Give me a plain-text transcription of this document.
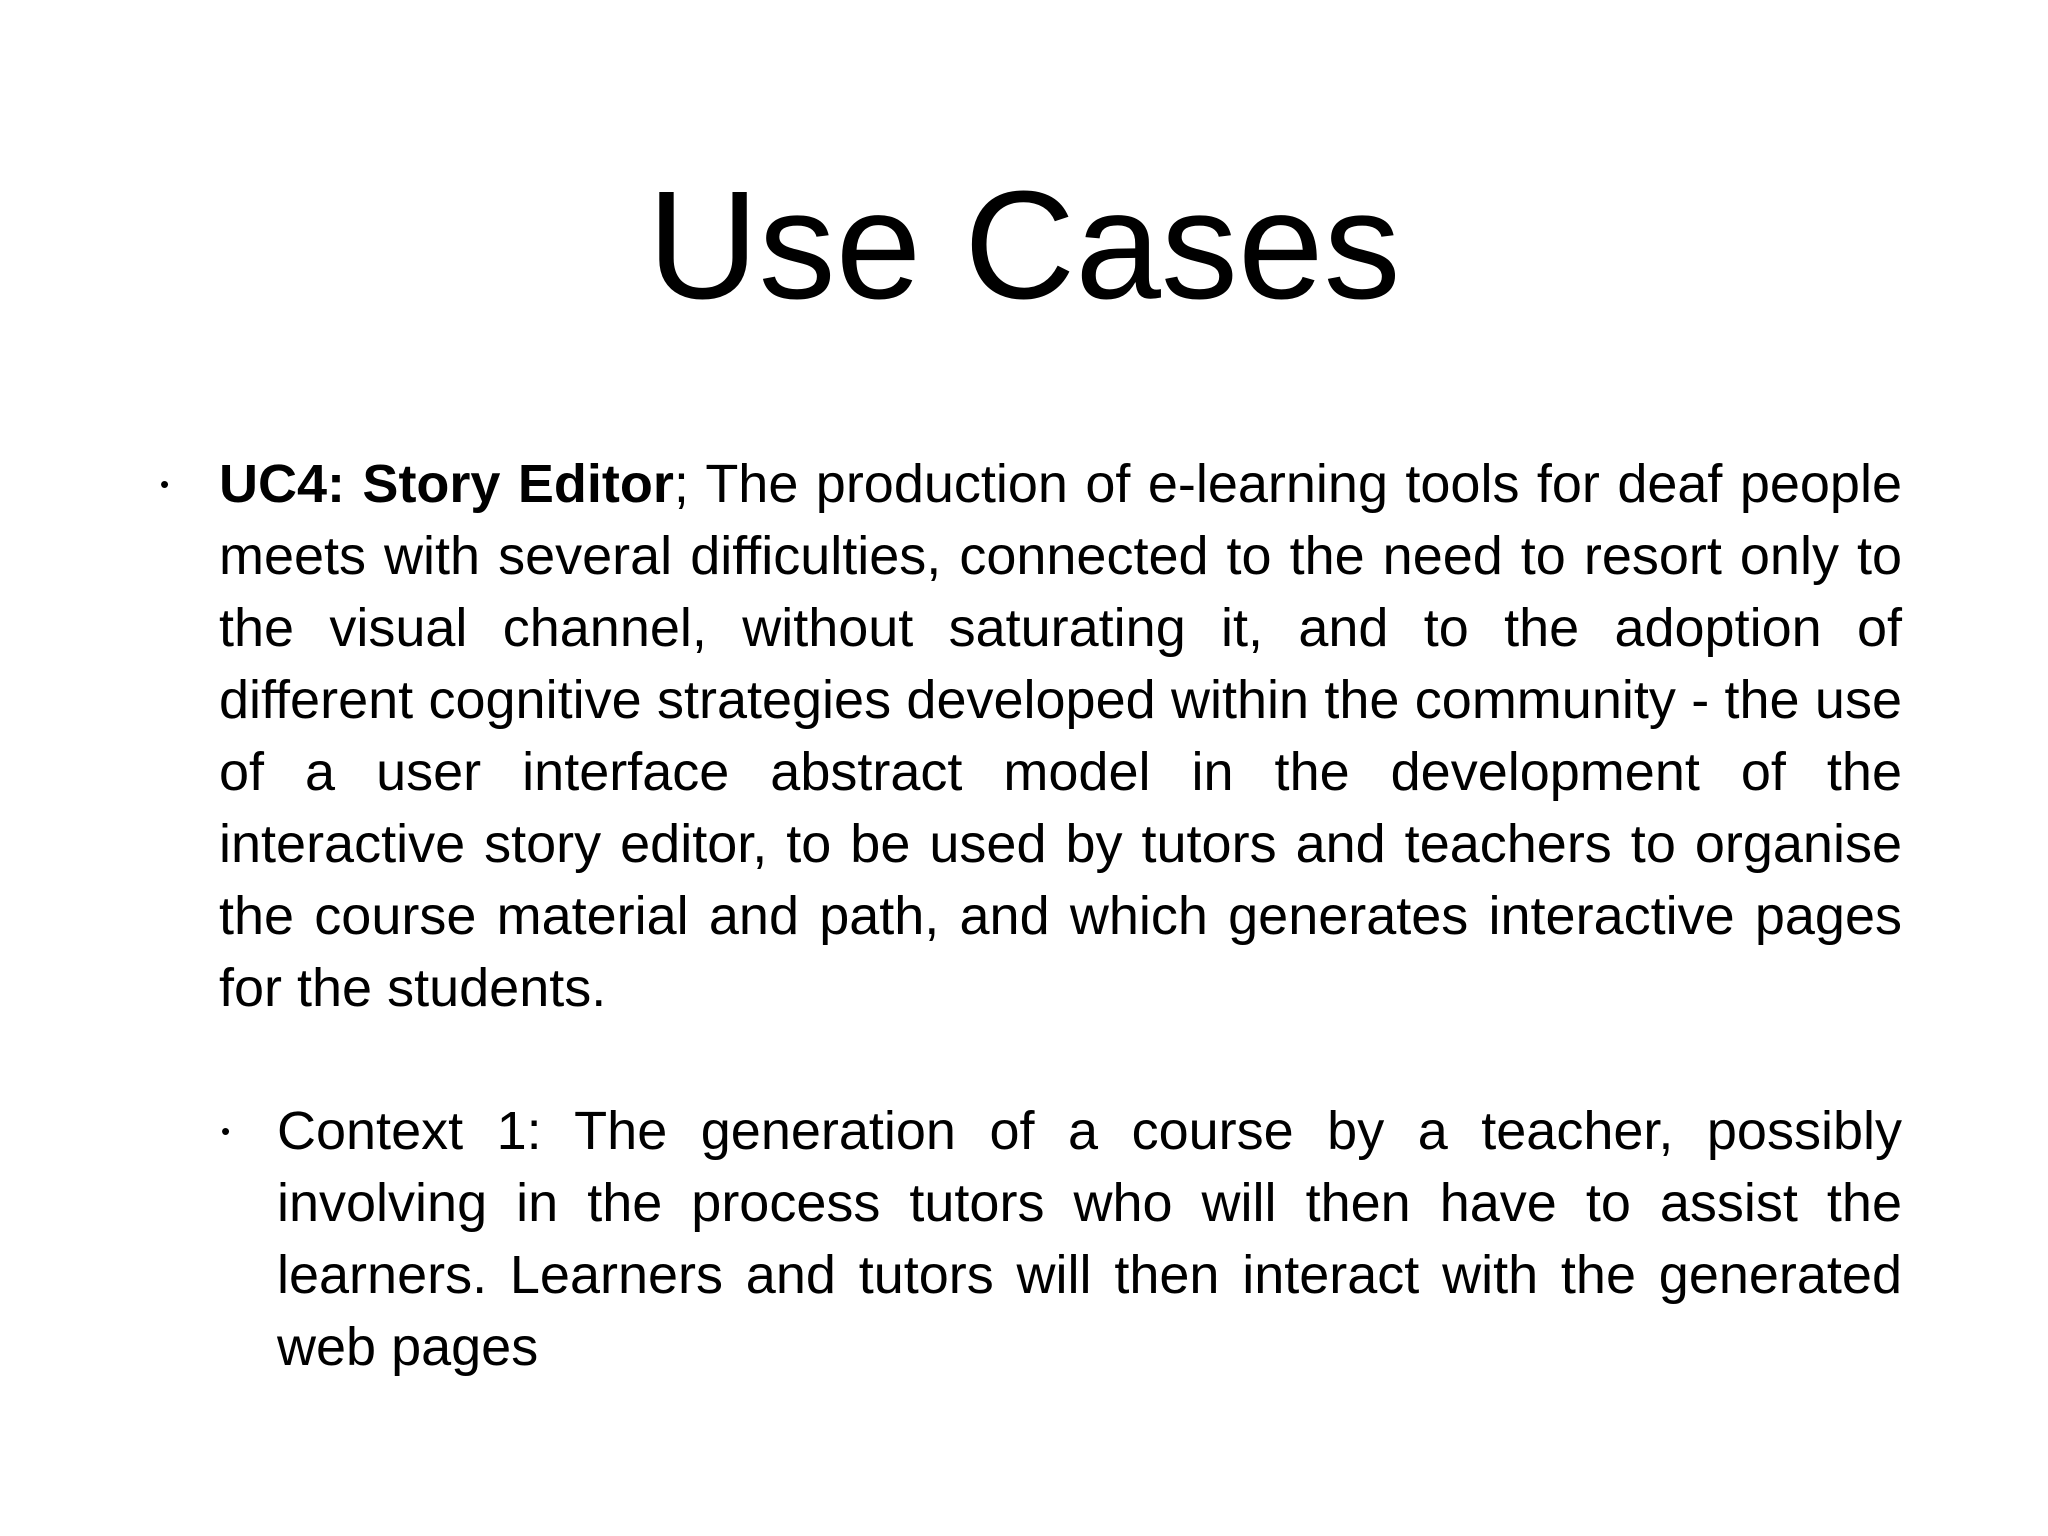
Use Cases
• UC4: Story Editor; The production of e-learning tools for deaf people meets with several difficulties, connected to the need to resort only to the visual channel, without saturating it, and to the adoption of different cognitive strategies developed within the community - the use of a user interface abstract model in the development of the interactive story editor, to be used by tutors and teachers to organise the course material and path, and which generates interactive pages for the students.
• Context 1: The generation of a course by a teacher, possibly involving in the process tutors who will then have to assist the learners. Learners and tutors will then interact with the generated web pages
